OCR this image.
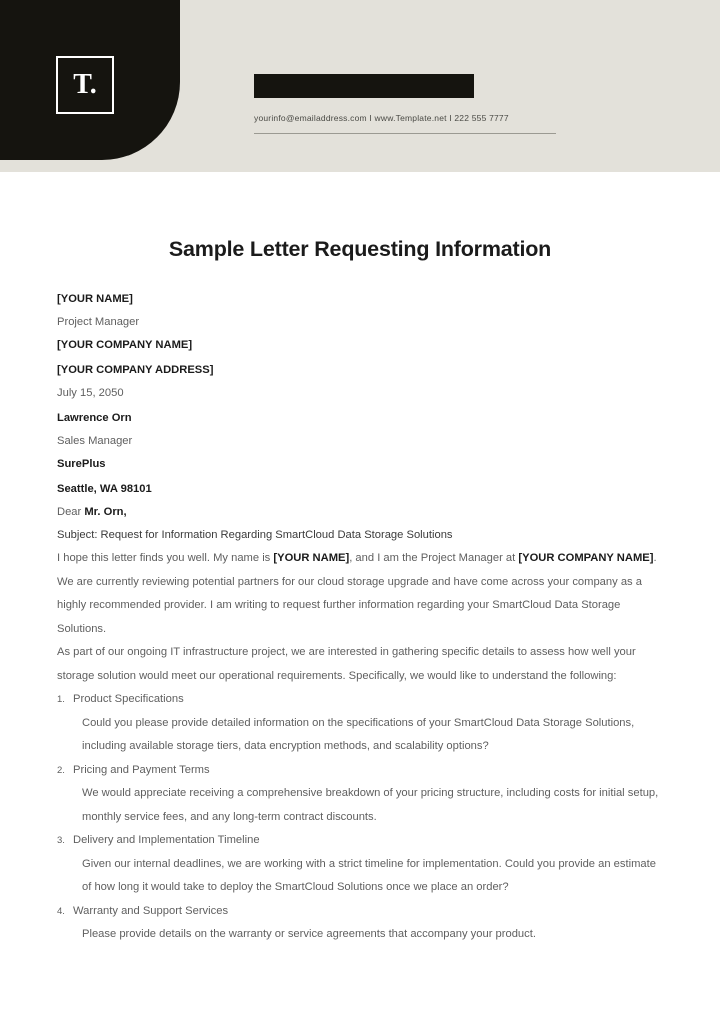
T.
yourinfo@emailaddress.com I www.Template.net I 222 555 7777
Sample Letter Requesting Information
[YOUR NAME]
Project Manager
[YOUR COMPANY NAME]
[YOUR COMPANY ADDRESS]
July 15, 2050
Lawrence Orn
Sales Manager
SurePlus
Seattle, WA 98101
Dear Mr. Orn,
Subject: Request for Information Regarding SmartCloud Data Storage Solutions

I hope this letter finds you well. My name is [YOUR NAME], and I am the Project Manager at [YOUR COMPANY NAME]. We are currently reviewing potential partners for our cloud storage upgrade and have come across your company as a highly recommended provider. I am writing to request further information regarding your SmartCloud Data Storage Solutions.

As part of our ongoing IT infrastructure project, we are interested in gathering specific details to assess how well your storage solution would meet our operational requirements. Specifically, we would like to understand the following:

1. Product Specifications
Could you please provide detailed information on the specifications of your SmartCloud Data Storage Solutions, including available storage tiers, data encryption methods, and scalability options?
2. Pricing and Payment Terms
We would appreciate receiving a comprehensive breakdown of your pricing structure, including costs for initial setup, monthly service fees, and any long-term contract discounts.
3. Delivery and Implementation Timeline
Given our internal deadlines, we are working with a strict timeline for implementation. Could you provide an estimate of how long it would take to deploy the SmartCloud Solutions once we place an order?
4. Warranty and Support Services
Please provide details on the warranty or service agreements that accompany your product.
